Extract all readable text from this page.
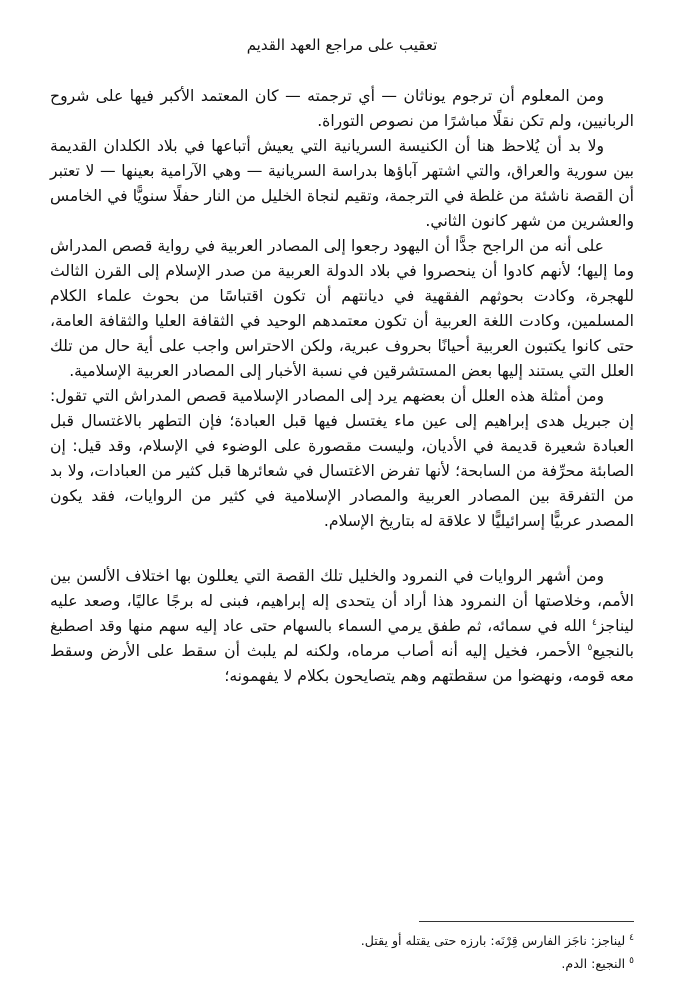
تعقيب على مراجع العهد القديم

ومن المعلوم أن ترجوم يوناثان — أي ترجمته — كان المعتمد الأكبر فيها على شروح الربانيين، ولم تكن نقلًا مباشرًا من نصوص التوراة.

ولا بد أن يُلاحظ هنا أن الكنيسة السريانية التي يعيش أتباعها في بلاد الكلدان القديمة بين سورية والعراق، والتي اشتهر آباؤها بدراسة السريانية — وهي الآرامية بعينها — لا تعتبر أن القصة ناشئة من غلطة في الترجمة، وتقيم لنجاة الخليل من النار حفلًا سنويًّا في الخامس والعشرين من شهر كانون الثاني.

على أنه من الراجح جدًّا أن اليهود رجعوا إلى المصادر العربية في رواية قصص المدراش وما إليها؛ لأنهم كادوا أن ينحصروا في بلاد الدولة العربية من صدر الإسلام إلى القرن الثالث للهجرة، وكادت بحوثهم الفقهية في ديانتهم أن تكون اقتباسًا من بحوث علماء الكلام المسلمين، وكادت اللغة العربية أن تكون معتمدهم الوحيد في الثقافة العليا والثقافة العامة، حتى كانوا يكتبون العربية أحيانًا بحروف عبرية، ولكن الاحتراس واجب على أية حال من تلك العلل التي يستند إليها بعض المستشرقين في نسبة الأخبار إلى المصادر العربية الإسلامية.

ومن أمثلة هذه العلل أن بعضهم يرد إلى المصادر الإسلامية قصص المدراش التي تقول: إن جبريل هدى إبراهيم إلى عين ماء يغتسل فيها قبل العبادة؛ فإن التطهر بالاغتسال قبل العبادة شعيرة قديمة في الأديان، وليست مقصورة على الوضوء في الإسلام، وقد قيل: إن الصابئة محرِّفة من السابحة؛ لأنها تفرض الاغتسال في شعائرها قبل كثير من العبادات، ولا بد من التفرقة بين المصادر العربية والمصادر الإسلامية في كثير من الروايات، فقد يكون المصدر عربيًّا إسرائيليًّا لا علاقة له بتاريخ الإسلام.

ومن أشهر الروايات في النمرود والخليل تلك القصة التي يعللون بها اختلاف الألسن بين الأمم، وخلاصتها أن النمرود هذا أراد أن يتحدى إله إبراهيم، فبنى له برجًا عاليًا، وصعد عليه ليناجز$^٤$ الله في سمائه، ثم طفق يرمي السماء بالسهام حتى عاد إليه سهم منها وقد اصطبغ بالنجيع$^٥$ الأحمر، فخيل إليه أنه أصاب مرماه، ولكنه لم يلبث أن سقط على الأرض وسقط معه قومه، ونهضوا من سقطتهم وهم يتصايحون بكلام لا يفهمونه؛

$^٤$ ليناجز: ناجَز الفارس قِرْنَه: بارزه حتى يقتله أو يقتل.

$^٥$ النجيع: الدم.
